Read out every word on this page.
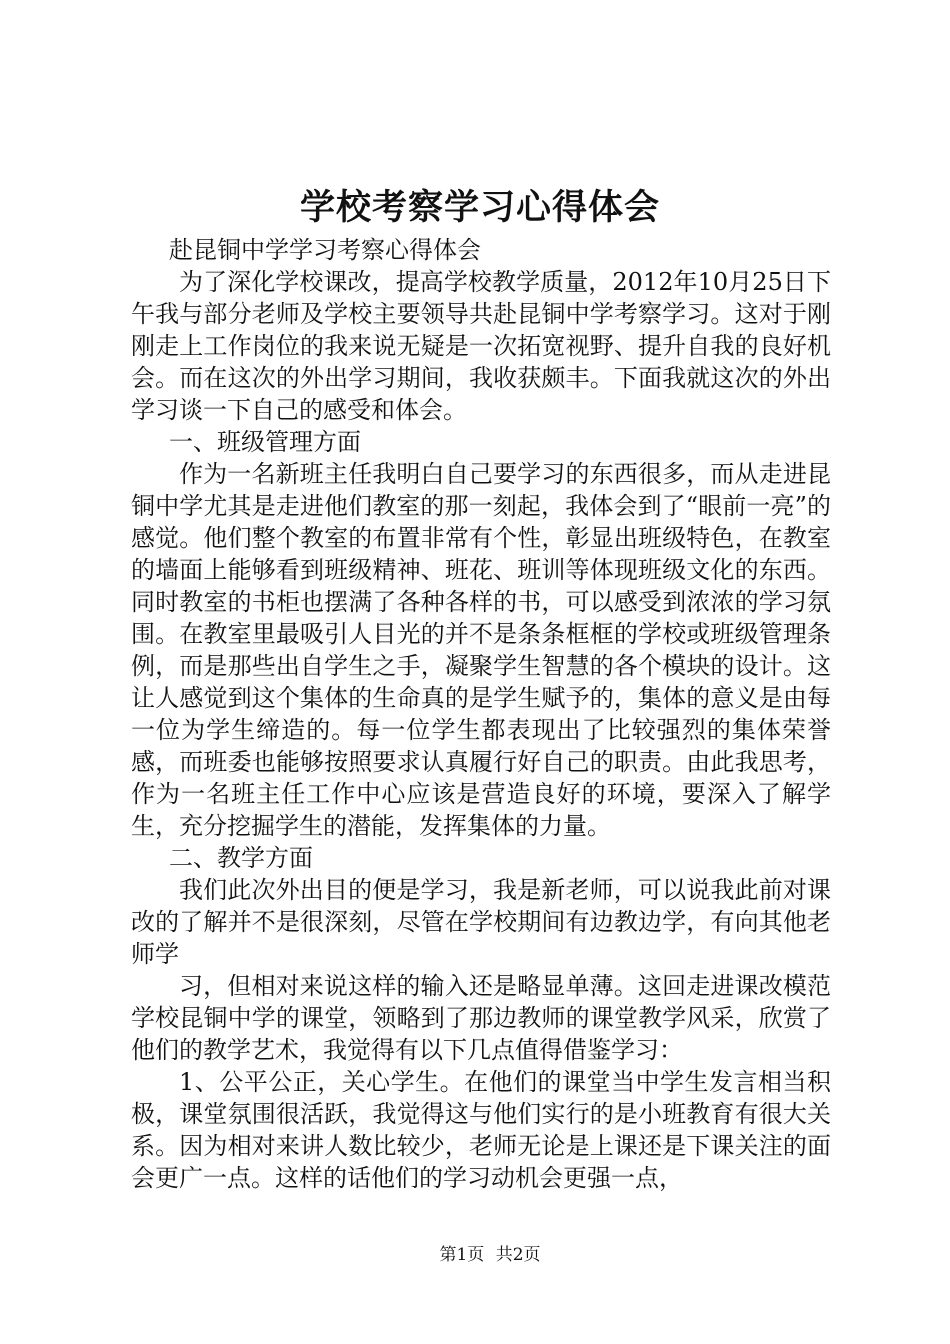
学校考察学习心得体会

赴昆铜中学学习考察心得体会

为了深化学校课改，提高学校教学质量，2012年10月25日下午我与部分老师及学校主要领导共赴昆铜中学考察学习。这对于刚刚走上工作岗位的我来说无疑是一次拓宽视野、提升自我的良好机会。而在这次的外出学习期间，我收获颇丰。下面我就这次的外出学习谈一下自己的感受和体会。

一、班级管理方面

作为一名新班主任我明白自己要学习的东西很多，而从走进昆铜中学尤其是走进他们教室的那一刻起，我体会到了“眼前一亮”的感觉。他们整个教室的布置非常有个性，彰显出班级特色，在教室的墙面上能够看到班级精神、班花、班训等体现班级文化的东西。同时教室的书柜也摆满了各种各样的书，可以感受到浓浓的学习氛围。在教室里最吸引人目光的并不是条条框框的学校或班级管理条例，而是那些出自学生之手，凝聚学生智慧的各个模块的设计。这让人感觉到这个集体的生命真的是学生赋予的，集体的意义是由每一位为学生缔造的。每一位学生都表现出了比较强烈的集体荣誉感，而班委也能够按照要求认真履行好自己的职责。由此我思考，作为一名班主任工作中心应该是营造良好的环境，要深入了解学生，充分挖掘学生的潜能，发挥集体的力量。

二、教学方面

我们此次外出目的便是学习，我是新老师，可以说我此前对课改的了解并不是很深刻，尽管在学校期间有边教边学，有向其他老师学

习，但相对来说这样的输入还是略显单薄。这回走进课改模范学校昆铜中学的课堂，领略到了那边教师的课堂教学风采，欣赏了他们的教学艺术，我觉得有以下几点值得借鉴学习：

1、公平公正，关心学生。在他们的课堂当中学生发言相当积极，课堂氛围很活跃，我觉得这与他们实行的是小班教育有很大关系。因为相对来讲人数比较少，老师无论是上课还是下课关注的面会更广一点。这样的话他们的学习动机会更强一点，

第1页 共2页
